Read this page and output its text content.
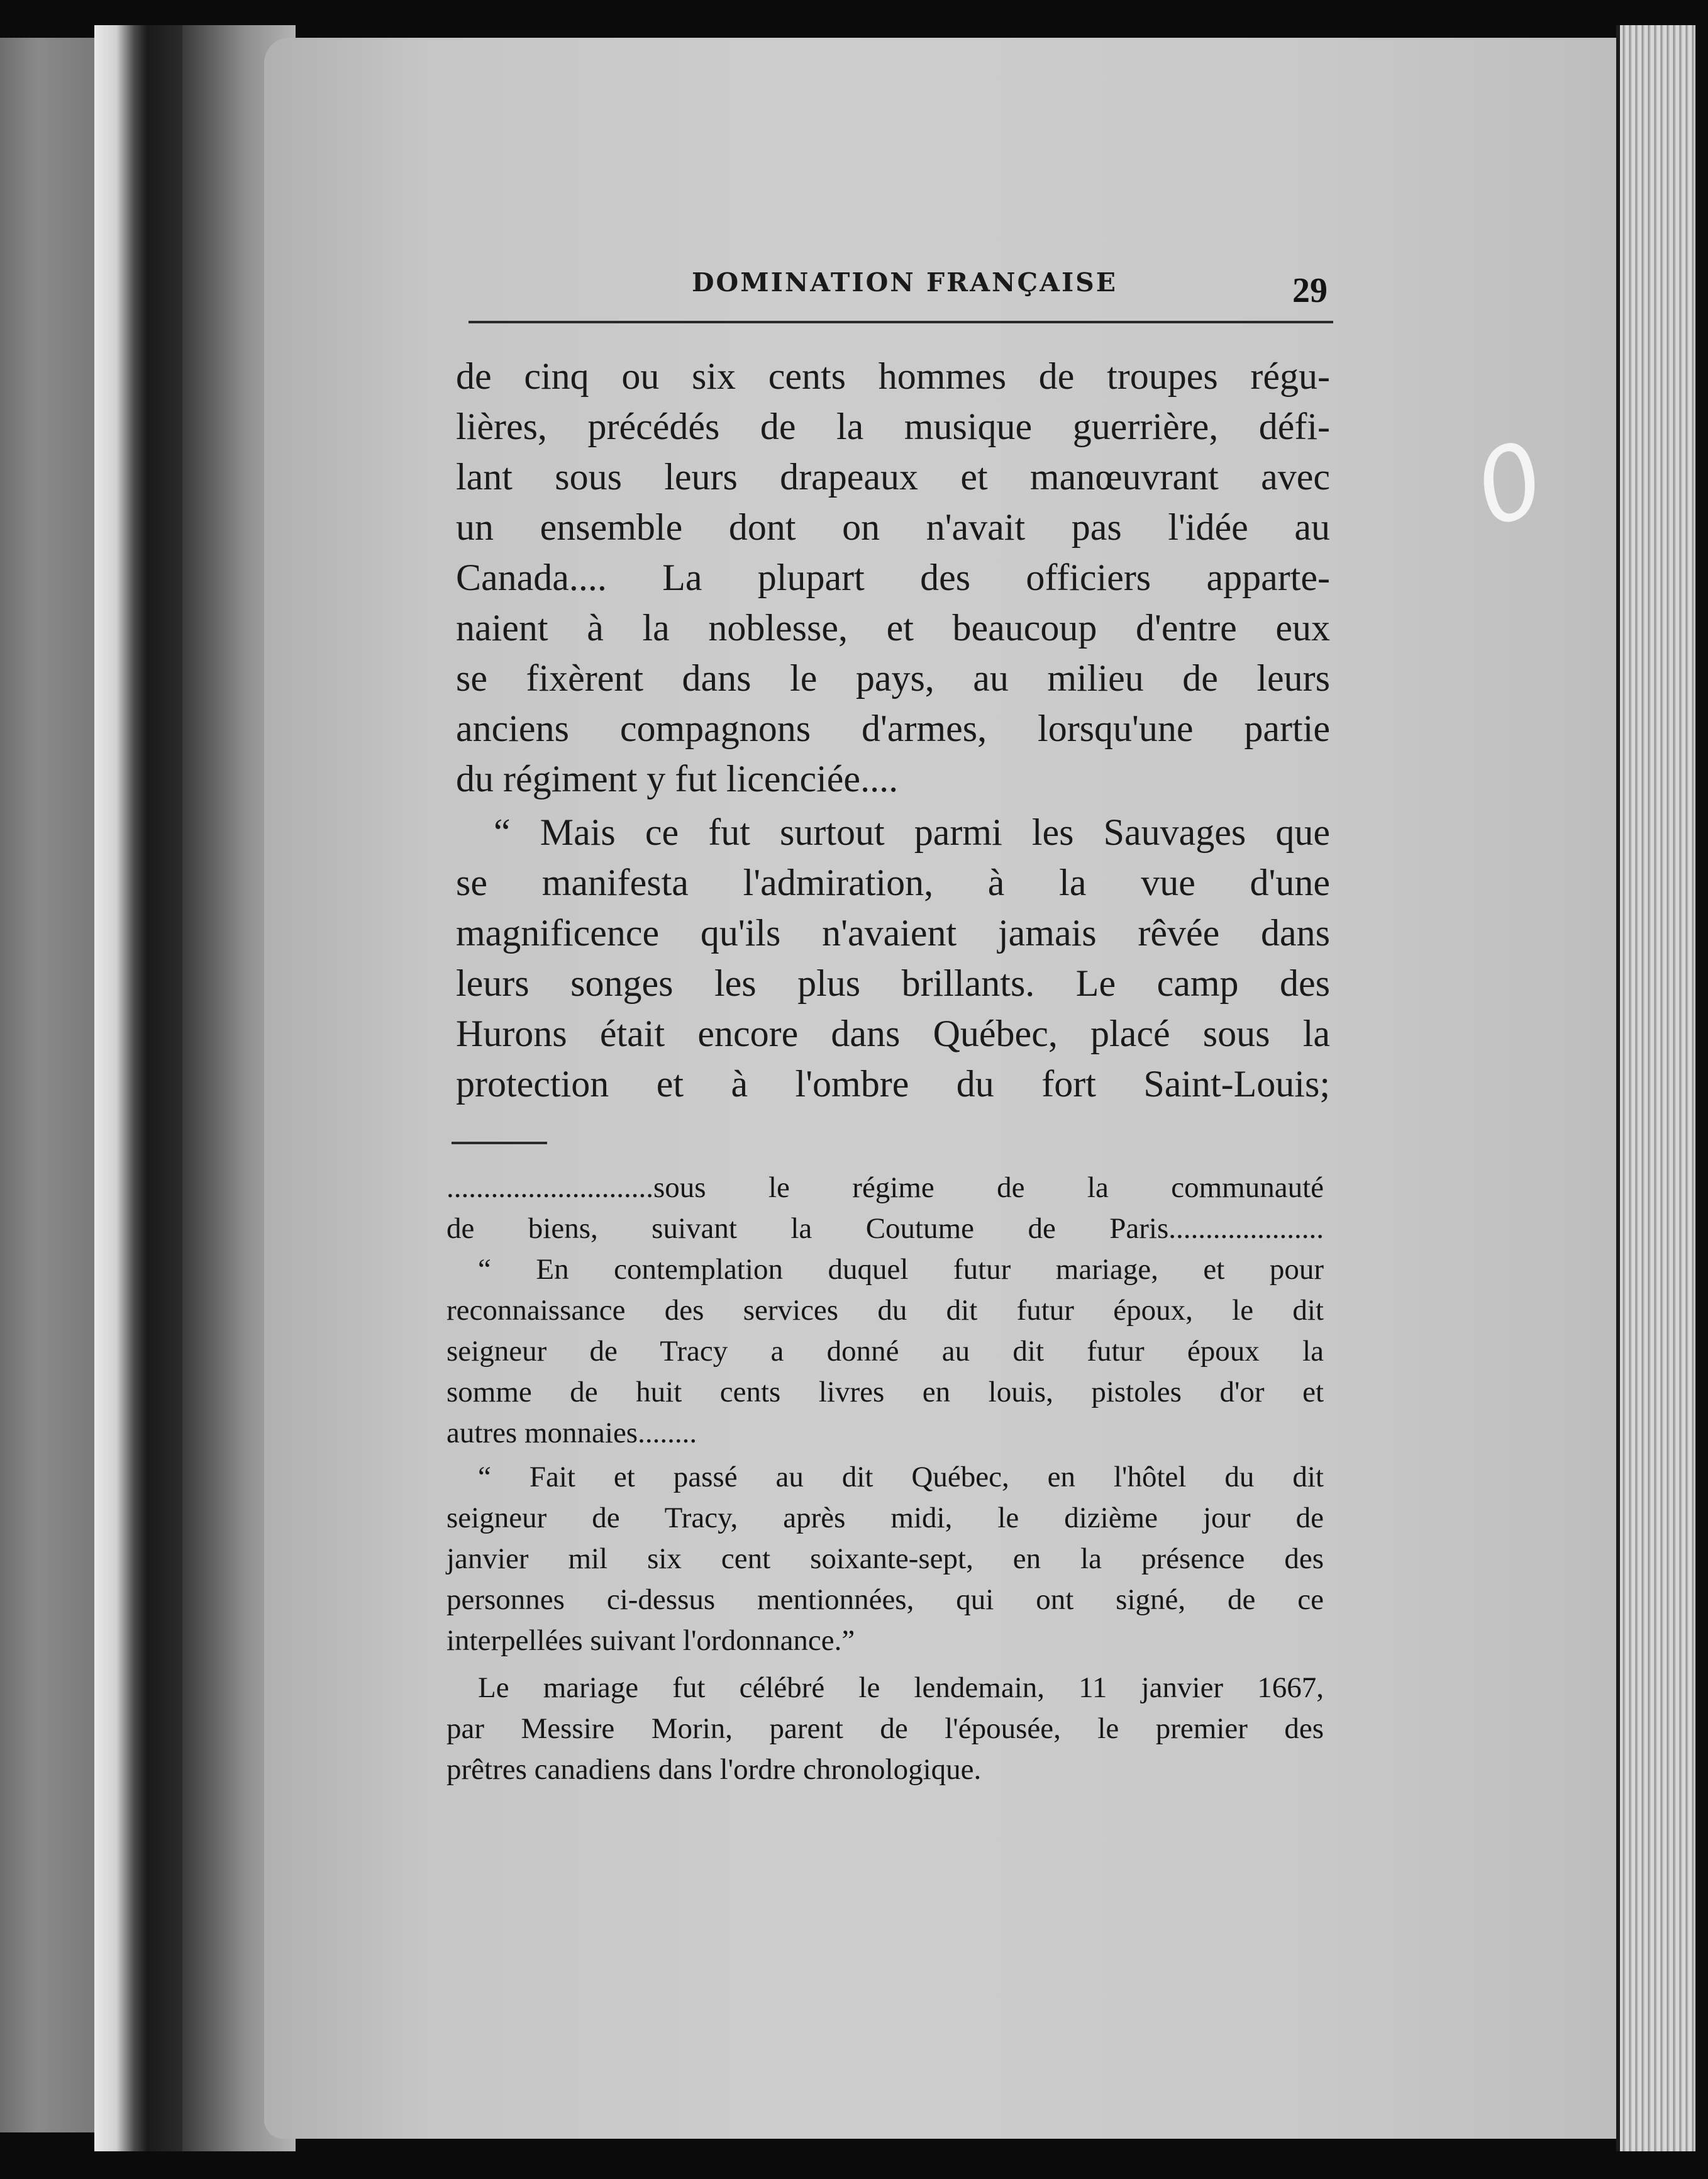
0
DOMINATION FRANÇAISE	29
de cinq ou six cents hommes de troupes régu-
lières, précédés de la musique guerrière, défi-
lant sous leurs drapeaux et manœuvrant avec
un ensemble dont on n'avait pas l'idée au
Canada.... La plupart des officiers apparte-
naient à la noblesse, et beaucoup d'entre eux
se fixèrent dans le pays, au milieu de leurs
anciens compagnons d'armes, lorsqu'une partie
du régiment y fut licenciée....
“ Mais ce fut surtout parmi les Sauvages que
se manifesta l'admiration, à la vue d'une
magnificence qu'ils n'avaient jamais rêvée dans
leurs songes les plus brillants. Le camp des
Hurons était encore dans Québec, placé sous la
protection et à l'ombre du fort Saint-Louis;
............................sous le régime de la communauté
de biens, suivant la Coutume de Paris.....................
“ En contemplation duquel futur mariage, et pour
reconnaissance des services du dit futur époux, le dit
seigneur de Tracy a donné au dit futur époux la
somme de huit cents livres en louis, pistoles d'or et
autres monnaies........
“ Fait et passé au dit Québec, en l'hôtel du dit
seigneur de Tracy, après midi, le dizième jour de
janvier mil six cent soixante-sept, en la présence des
personnes ci-dessus mentionnées, qui ont signé, de ce
interpellées suivant l'ordonnance.”
Le mariage fut célébré le lendemain, 11 janvier 1667,
par Messire Morin, parent de l'épousée, le premier des
prêtres canadiens dans l'ordre chronologique.
